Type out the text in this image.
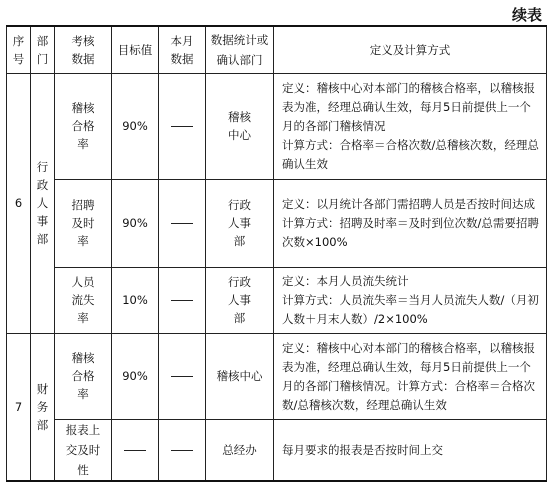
续表
序号	部门	考核数据	目标值	本月数据	数据统计或确认部门	定义及计算方式
6	行政人事部	稽核合格率	90%		稽核中心	定义：稽核中心对本部门的稽核合格率，以稽核报表为准，经理总确认生效，每月5日前提供上一个月的各部门稽核情况
计算方式：合格率＝合格次数/总稽核次数，经理总确认生效
		招聘及时率	90%		行政人事部	定义：以月统计各部门需招聘人员是否按时间达成
计算方式：招聘及时率＝及时到位次数/总需要招聘次数×100%
		人员流失率	10%		行政人事部	定义：本月人员流失统计
计算方式：人员流失率＝当月人员流失人数/（月初人数＋月末人数）/2×100%
7	财务部	稽核合格率	90%		稽核中心	定义：稽核中心对本部门的稽核合格率，以稽核报表为准，经理总确认生效，每月5日前提供上一个月的各部门稽核情况。计算方式：合格率＝合格次数/总稽核次数，经理总确认生效
		报表上交及时性			总经办	每月要求的报表是否按时间上交
